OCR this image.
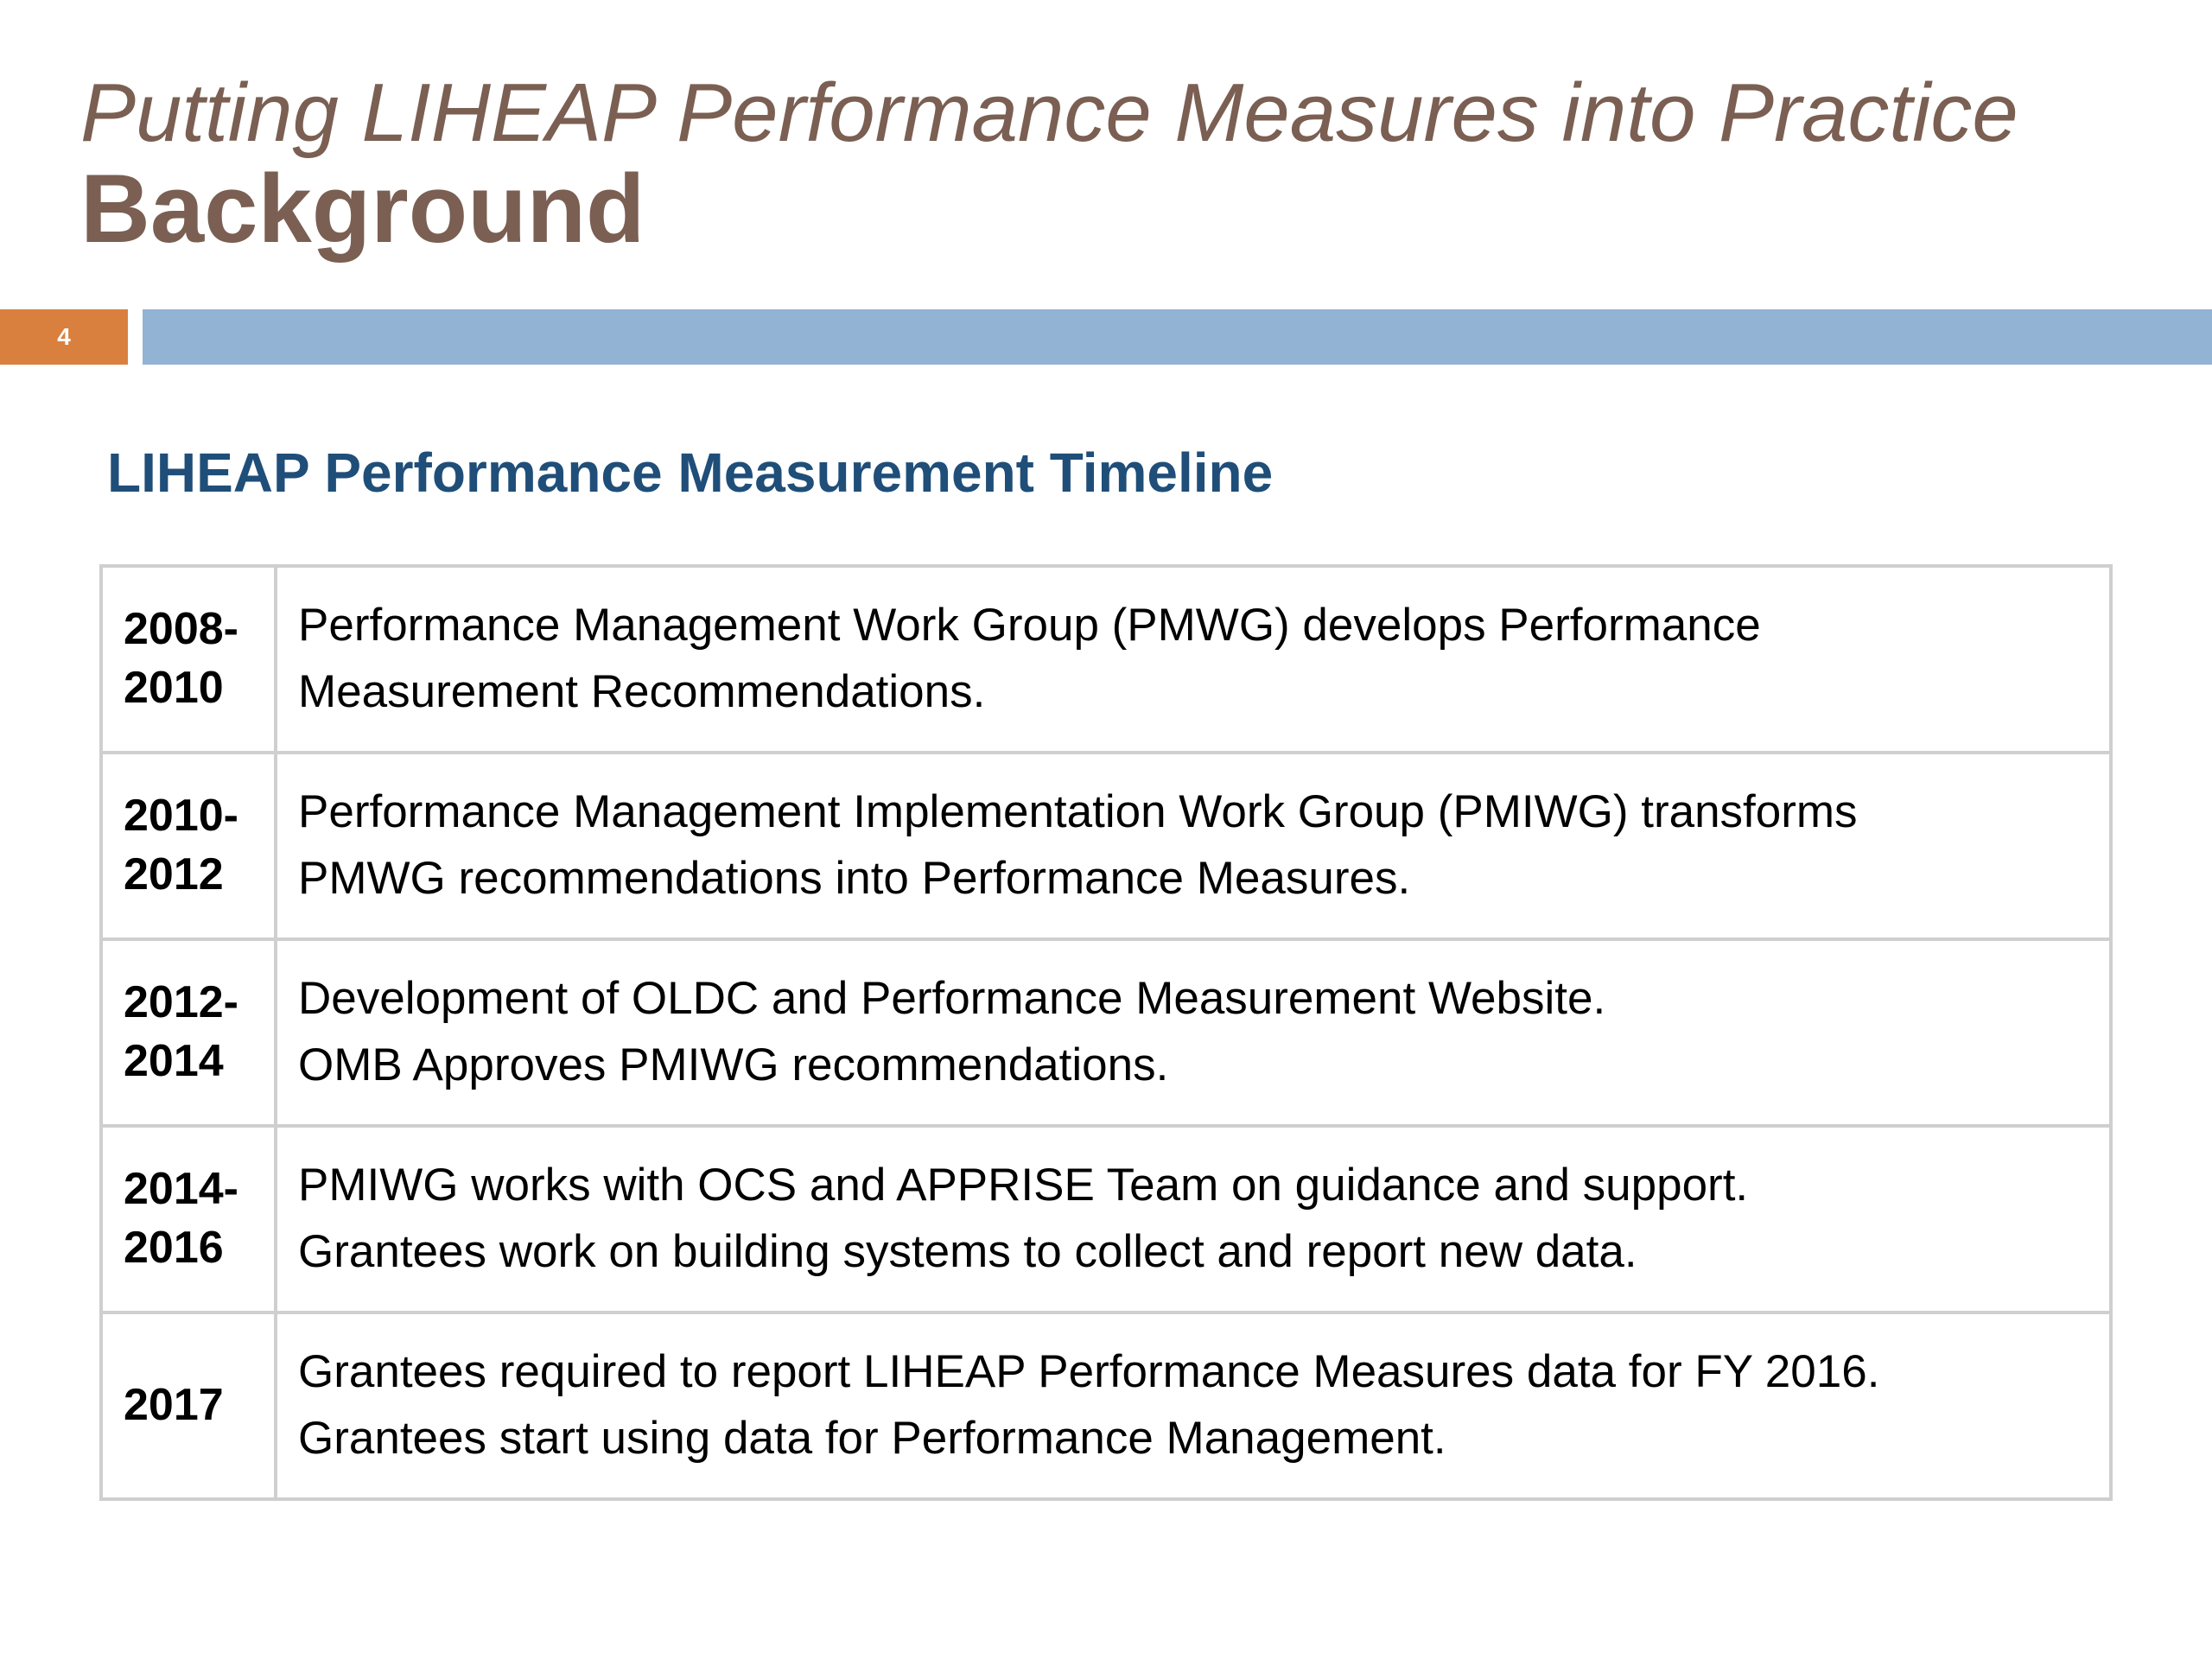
Putting LIHEAP Performance Measures into Practice
Background
4
LIHEAP Performance Measurement Timeline
2008-
2010	Performance Management Work Group (PMWG) develops Performance
Measurement Recommendations.

2010-
2012	Performance Management Implementation Work Group (PMIWG) transforms
PMWG recommendations into Performance Measures.

2012-
2014	Development of OLDC and Performance Measurement Website.
OMB Approves PMIWG recommendations.

2014-
2016	PMIWG works with OCS and APPRISE Team on guidance and support.
Grantees work on building systems to collect and report new data.

2017	Grantees required to report LIHEAP Performance Measures data for FY 2016.
Grantees start using data for Performance Management.
